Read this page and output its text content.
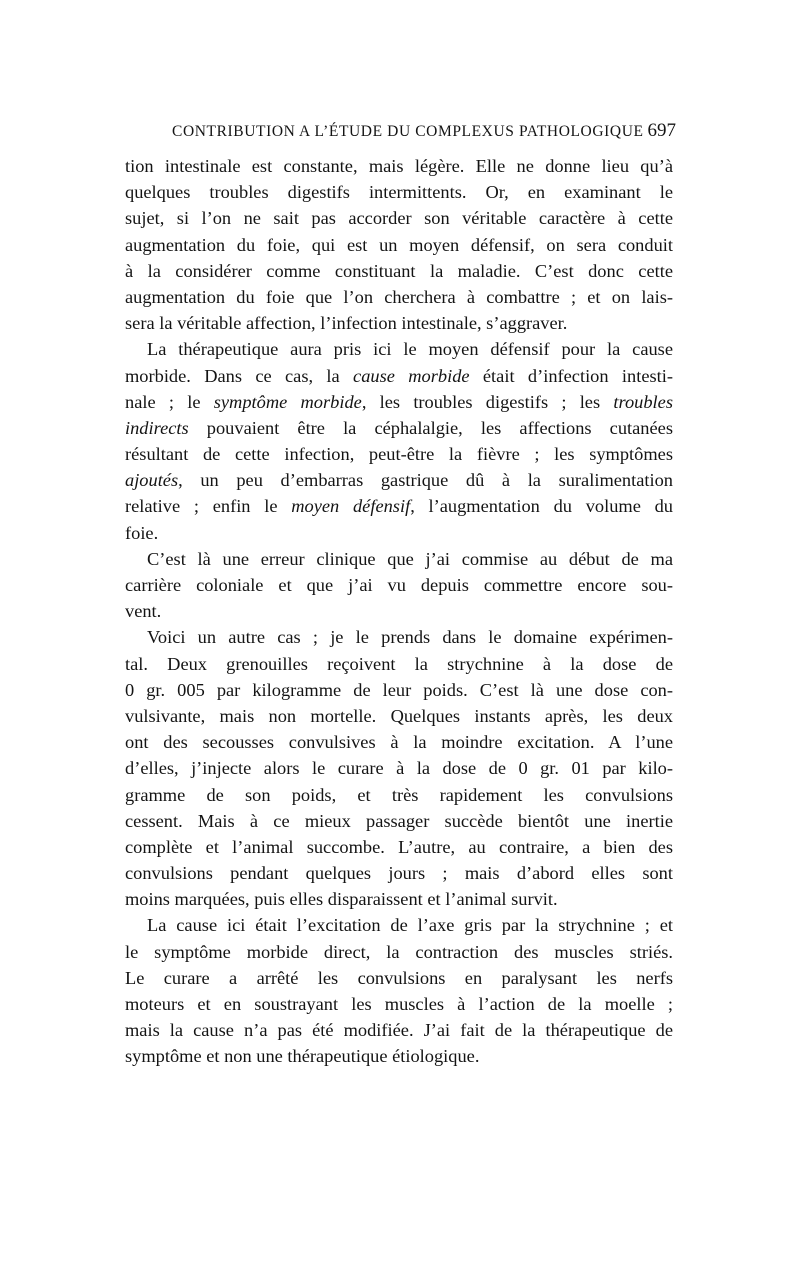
CONTRIBUTION A L’ÉTUDE DU COMPLEXUS PATHOLOGIQUE 697
tion intestinale est constante, mais légère. Elle ne donne lieu qu’à
quelques troubles digestifs intermittents. Or, en examinant le
sujet, si l’on ne sait pas accorder son véritable caractère à cette
augmentation du foie, qui est un moyen défensif, on sera conduit
à la considérer comme constituant la maladie. C’est donc cette
augmentation du foie que l’on cherchera à combattre ; et on lais-
sera la véritable affection, l’infection intestinale, s’aggraver.
La thérapeutique aura pris ici le moyen défensif pour la cause
morbide. Dans ce cas, la cause morbide était d’infection intesti-
nale ; le symptôme morbide, les troubles digestifs ; les troubles
indirects pouvaient être la céphalalgie, les affections cutanées
résultant de cette infection, peut-être la fièvre ; les symptômes
ajoutés, un peu d’embarras gastrique dû à la suralimentation
relative ; enfin le moyen défensif, l’augmentation du volume du
foie.
C’est là une erreur clinique que j’ai commise au début de ma
carrière coloniale et que j’ai vu depuis commettre encore sou-
vent.
Voici un autre cas ; je le prends dans le domaine expérimen-
tal. Deux grenouilles reçoivent la strychnine à la dose de
0 gr. 005 par kilogramme de leur poids. C’est là une dose con-
vulsivante, mais non mortelle. Quelques instants après, les deux
ont des secousses convulsives à la moindre excitation. A l’une
d’elles, j’injecte alors le curare à la dose de 0 gr. 01 par kilo-
gramme de son poids, et très rapidement les convulsions
cessent. Mais à ce mieux passager succède bientôt une inertie
complète et l’animal succombe. L’autre, au contraire, a bien des
convulsions pendant quelques jours ; mais d’abord elles sont
moins marquées, puis elles disparaissent et l’animal survit.
La cause ici était l’excitation de l’axe gris par la strychnine ; et
le symptôme morbide direct, la contraction des muscles striés.
Le curare a arrêté les convulsions en paralysant les nerfs
moteurs et en soustrayant les muscles à l’action de la moelle ;
mais la cause n’a pas été modifiée. J’ai fait de la thérapeutique de
symptôme et non une thérapeutique étiologique.
